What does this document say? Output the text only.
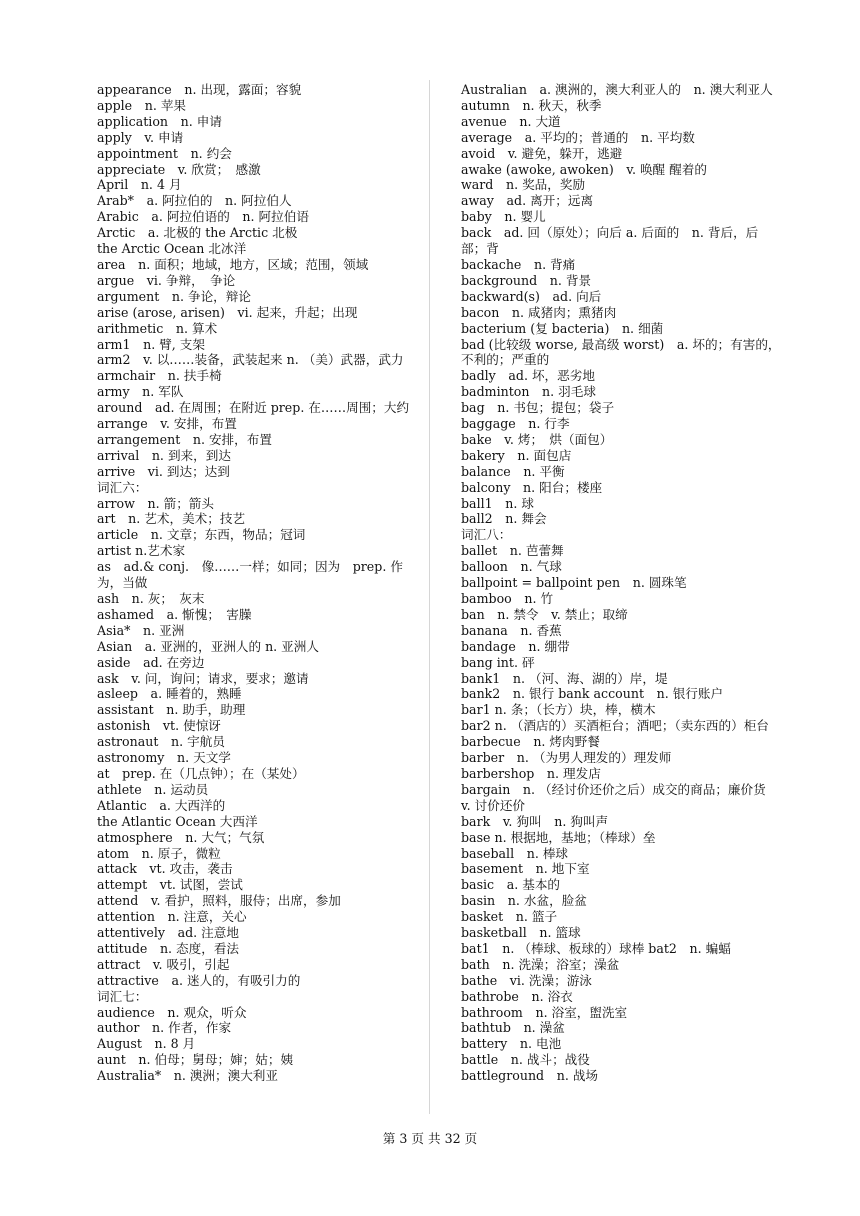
appearance　n. 出现，露面；容貌

apple　n. 苹果

application　n. 申请

apply　v. 申请

appointment　n. 约会

appreciate　v. 欣赏；　感激

April　n. 4 月

Arab*　a. 阿拉伯的　n. 阿拉伯人

Arabic　a. 阿拉伯语的　n. 阿拉伯语

Arctic　a. 北极的 the Arctic 北极

the Arctic Ocean 北冰洋

area　n. 面积；地域，地方，区域；范围，领域

argue　vi. 争辩，　争论

argument　n. 争论，辩论

arise (arose, arisen)　vi. 起来，升起；出现

arithmetic　n. 算术

arm1　n. 臂, 支架

arm2　v. 以……装备，武装起来 n. （美）武器，武力

armchair　n. 扶手椅

army　n. 军队

around　ad. 在周围；在附近 prep. 在……周围；大约

arrange　v. 安排，布置

arrangement　n. 安排，布置

arrival　n. 到来，到达

arrive　vi. 到达；达到

词汇六：

arrow　n. 箭；箭头

art　n. 艺术，美术；技艺

article　n. 文章；东西，物品；冠词

artist n.艺术家

as　ad.& conj.　像……一样；如同；因为　prep. 作为，当做

ash　n. 灰；　灰末

ashamed　a. 惭愧；　害臊

Asia*　n. 亚洲

Asian　a. 亚洲的，亚洲人的 n. 亚洲人

aside　ad. 在旁边

ask　v. 问，询问；请求，要求；邀请

asleep　a. 睡着的，熟睡

assistant　n. 助手，助理

astonish　vt. 使惊讶

astronaut　n. 宇航员

astronomy　n. 天文学

at　prep. 在（几点钟）；在（某处）

athlete　n. 运动员

Atlantic　a. 大西洋的

the Atlantic Ocean 大西洋

atmosphere　n. 大气；气氛

atom　n. 原子，微粒

attack　vt. 攻击，袭击

attempt　vt. 试图，尝试

attend　v. 看护，照料，服侍；出席，参加

attention　n. 注意，关心

attentively　ad. 注意地

attitude　n. 态度，看法

attract　v. 吸引，引起

attractive　a. 迷人的，有吸引力的

词汇七：

audience　n. 观众，听众

author　n. 作者，作家

August　n. 8 月

aunt　n. 伯母；舅母；婶；姑；姨

Australia*　n. 澳洲；澳大利亚

Australian　a. 澳洲的，澳大利亚人的　n. 澳大利亚人

autumn　n. 秋天，秋季

avenue　n. 大道

average　a. 平均的；普通的　n. 平均数

avoid　v. 避免，躲开，逃避

awake (awoke, awoken)　v. 唤醒 醒着的

ward　n. 奖品，奖励

away　ad. 离开；远离

baby　n. 婴儿

back　ad. 回（原处）；向后 a. 后面的　n. 背后，后部；背

backache　n. 背痛

background　n. 背景

backward(s)　ad. 向后

bacon　n. 咸猪肉；熏猪肉

bacterium (复 bacteria)　n. 细菌

bad (比较级 worse, 最高级 worst)　a. 坏的；有害的，不利的；严重的

badly　ad. 坏，恶劣地

badminton　n. 羽毛球

bag　n. 书包；提包；袋子

baggage　n. 行李

bake　v. 烤；　烘（面包）

bakery　n. 面包店

balance　n. 平衡

balcony　n. 阳台；楼座

ball1　n. 球

ball2　n. 舞会

词汇八：

ballet　n. 芭蕾舞

balloon　n. 气球

ballpoint = ballpoint pen　n. 圆珠笔

bamboo　n. 竹

ban　n. 禁令　v. 禁止；取缔

banana　n. 香蕉

bandage　n. 绷带

bang int. 砰

bank1　n. （河、海、湖的）岸，堤

bank2　n. 银行 bank account　n. 银行账户

bar1 n. 条；（长方）块，棒，横木

bar2 n. （酒店的）买酒柜台；酒吧；（卖东西的）柜台

barbecue　n. 烤肉野餐

barber　n. （为男人理发的）理发师

barbershop　n. 理发店

bargain　n. （经讨价还价之后）成交的商品；廉价货　v. 讨价还价

bark　v. 狗叫　n. 狗叫声

base n. 根据地，基地；（棒球）垒

baseball　n. 棒球

basement　n. 地下室

basic　a. 基本的

basin　n. 水盆，脸盆

basket　n. 篮子

basketball　n. 篮球

bat1　n. （棒球、板球的）球棒 bat2　n. 蝙蝠

bath　n. 洗澡；浴室；澡盆

bathe　vi. 洗澡；游泳

bathrobe　n. 浴衣

bathroom　n. 浴室，盥洗室

bathtub　n. 澡盆

battery　n. 电池

battle　n. 战斗；战役

battleground　n. 战场

第 3 页 共 32 页
